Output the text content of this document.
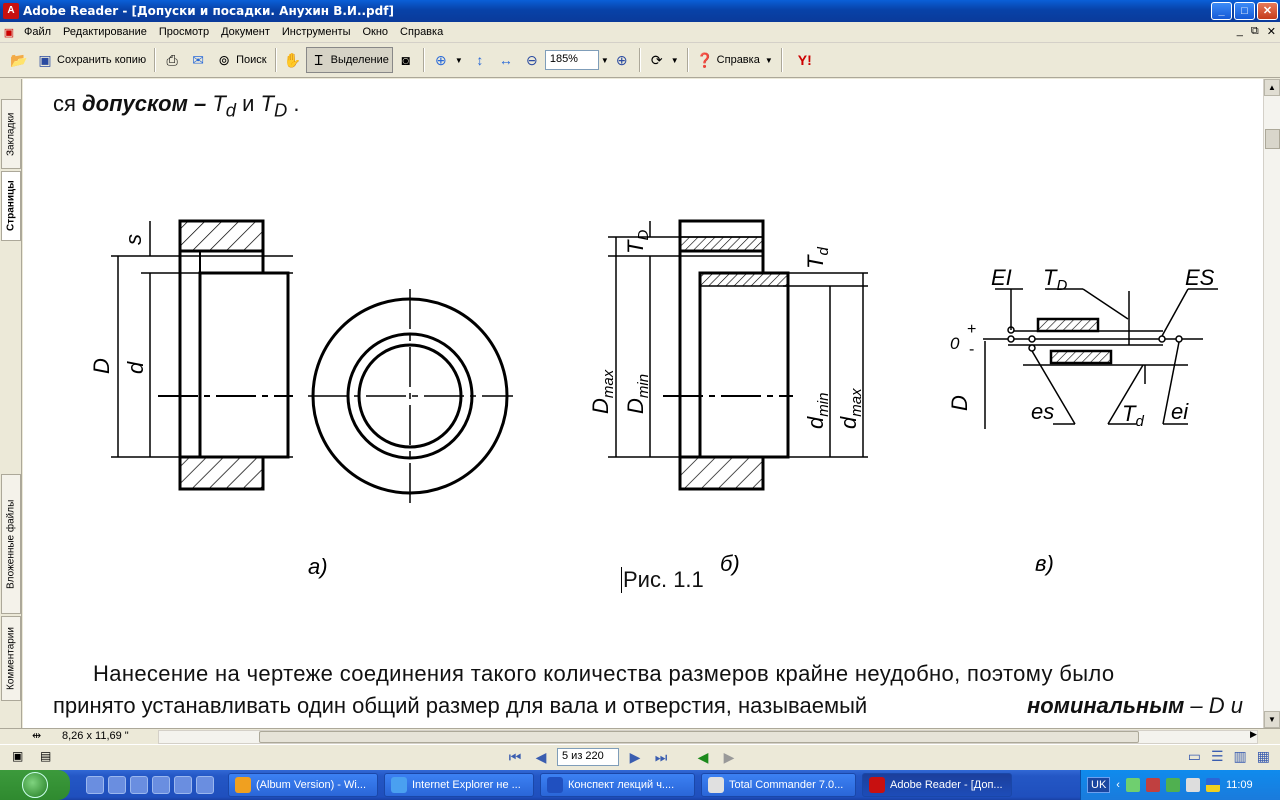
A Adobe Reader - [Допуски и посадки. Анухин В.И..pdf]	_	□	✕
▣ Файл	Редактирование	Просмотр	Документ	Инструменты	Окно	Справка	_ ⧉ ✕
📂 ▣ Сохранить копию ⎙ ✉ ⊚ Поиск ✋ Ɪ Выделение ◙	⊕	▼ ↕	↔ ⊖	185%	▼ ⊕ ⟳	▼ ❓ Справка ▼	Y!
Закладки
Страницы
Вложенные файлы
Комментарии
ся допуском – $T_d$ и $T_D$ .
s
D d
$T_D$
$T_d$
$D_{max}$
$D_{min}$
$d_{min}$
$d_{max}$
EI $T_D$	ES
0
+
-
D	es	$T_d$ ei
а)	б)	в)
Рис. 1.1
Нанесение на чертеже соединения такого количества размеров крайне неудобно, поэтому было
принято устанавливать один общий размер для вала и отверстия, называемый	номинальным – D и
▲
▼
⇹ 8,26 x 11,69 "	▶
▣ ▤	⏮	◀	5 из 220	▶	⏭	◀	▶	▭ ☰ ▥ ▦
(Album Version) - Wi...	Internet Explorer не ...	Конспект лекций ч....	Total Commander 7.0...	Adobe Reader - [Доп...	UK ‹	11:09
